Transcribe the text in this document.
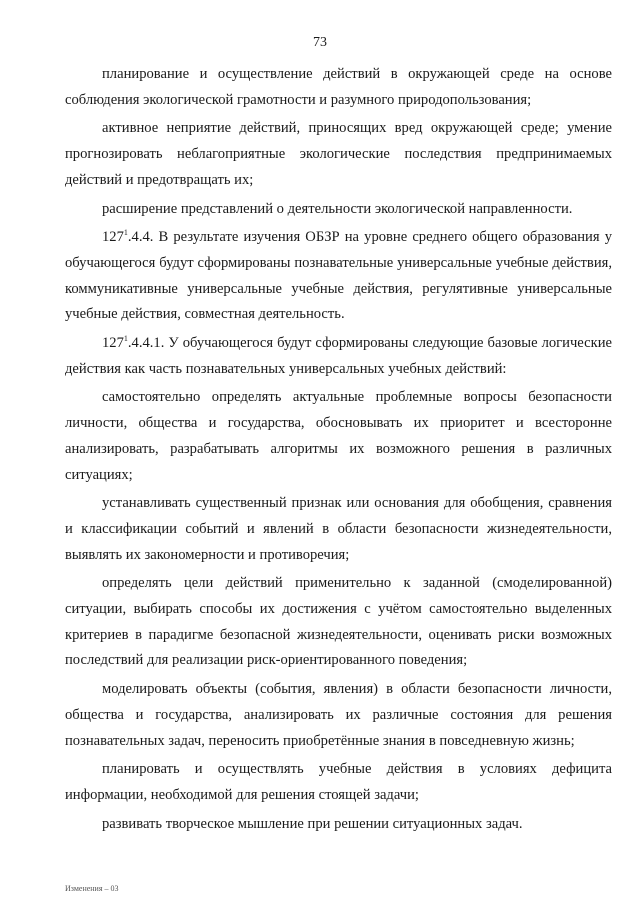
73

планирование и осуществление действий в окружающей среде на основе соблюдения экологической грамотности и разумного природопользования;

активное неприятие действий, приносящих вред окружающей среде; умение прогнозировать неблагоприятные экологические последствия предпринимаемых действий и предотвращать их;

расширение представлений о деятельности экологической направленности.

$127^1.4.4$. В результате изучения ОБЗР на уровне среднего общего образования у обучающегося будут сформированы познавательные универсальные учебные действия, коммуникативные универсальные учебные действия, регулятивные универсальные учебные действия, совместная деятельность.

$127^1.4.4.1$. У обучающегося будут сформированы следующие базовые логические действия как часть познавательных универсальных учебных действий:

самостоятельно определять актуальные проблемные вопросы безопасности личности, общества и государства, обосновывать их приоритет и всесторонне анализировать, разрабатывать алгоритмы их возможного решения в различных ситуациях;

устанавливать существенный признак или основания для обобщения, сравнения и классификации событий и явлений в области безопасности жизнедеятельности, выявлять их закономерности и противоречия;

определять цели действий применительно к заданной (смоделированной) ситуации, выбирать способы их достижения с учётом самостоятельно выделенных критериев в парадигме безопасной жизнедеятельности, оценивать риски возможных последствий для реализации риск-ориентированного поведения;

моделировать объекты (события, явления) в области безопасности личности, общества и государства, анализировать их различные состояния для решения познавательных задач, переносить приобретённые знания в повседневную жизнь;

планировать и осуществлять учебные действия в условиях дефицита информации, необходимой для решения стоящей задачи;

развивать творческое мышление при решении ситуационных задач.

Изменения – 03
